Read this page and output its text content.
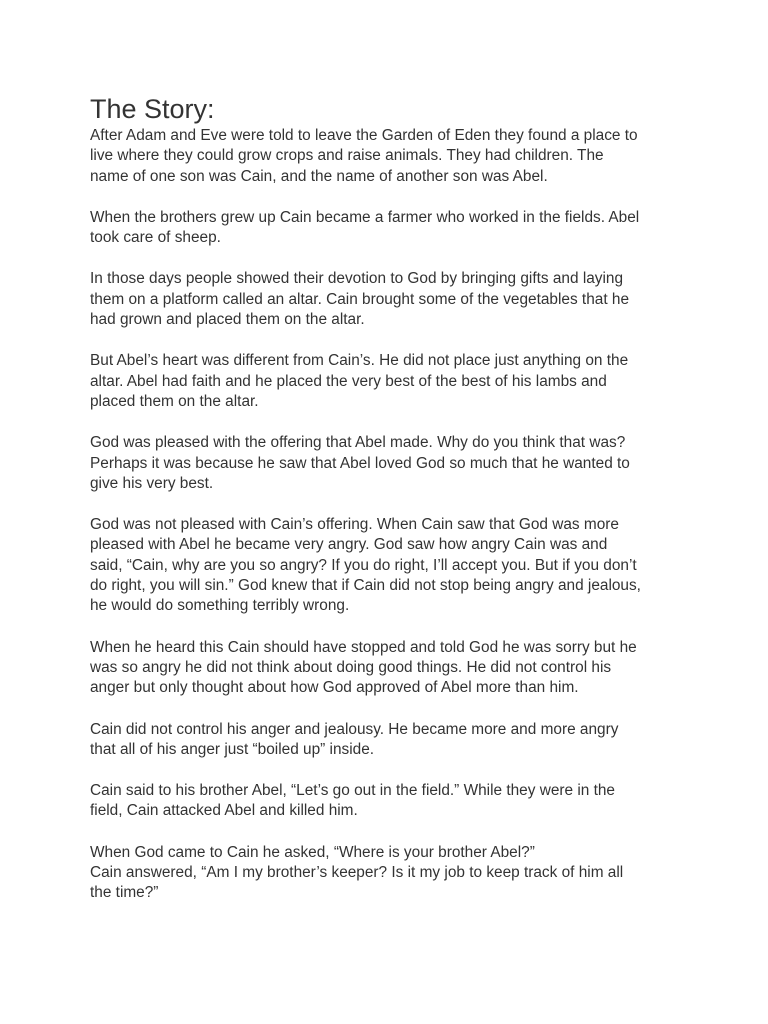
The Story:

After Adam and Eve were told to leave the Garden of Eden they found a place to
live where they could grow crops and raise animals. They had children. The
name of one son was Cain, and the name of another son was Abel.

When the brothers grew up Cain became a farmer who worked in the fields. Abel
took care of sheep.

In those days people showed their devotion to God by bringing gifts and laying
them on a platform called an altar. Cain brought some of the vegetables that he
had grown and placed them on the altar.

But Abel’s heart was different from Cain’s. He did not place just anything on the
altar. Abel had faith and he placed the very best of the best of his lambs and
placed them on the altar.

God was pleased with the offering that Abel made. Why do you think that was?
Perhaps it was because he saw that Abel loved God so much that he wanted to
give his very best.

God was not pleased with Cain’s offering. When Cain saw that God was more
pleased with Abel he became very angry. God saw how angry Cain was and
said, “Cain, why are you so angry? If you do right, I’ll accept you. But if you don’t
do right, you will sin.” God knew that if Cain did not stop being angry and jealous,
he would do something terribly wrong.

When he heard this Cain should have stopped and told God he was sorry but he
was so angry he did not think about doing good things. He did not control his
anger but only thought about how God approved of Abel more than him.

Cain did not control his anger and jealousy. He became more and more angry
that all of his anger just “boiled up” inside.

Cain said to his brother Abel, “Let’s go out in the field.” While they were in the
field, Cain attacked Abel and killed him.

When God came to Cain he asked, “Where is your brother Abel?”
Cain answered, “Am I my brother’s keeper? Is it my job to keep track of him all
the time?”
